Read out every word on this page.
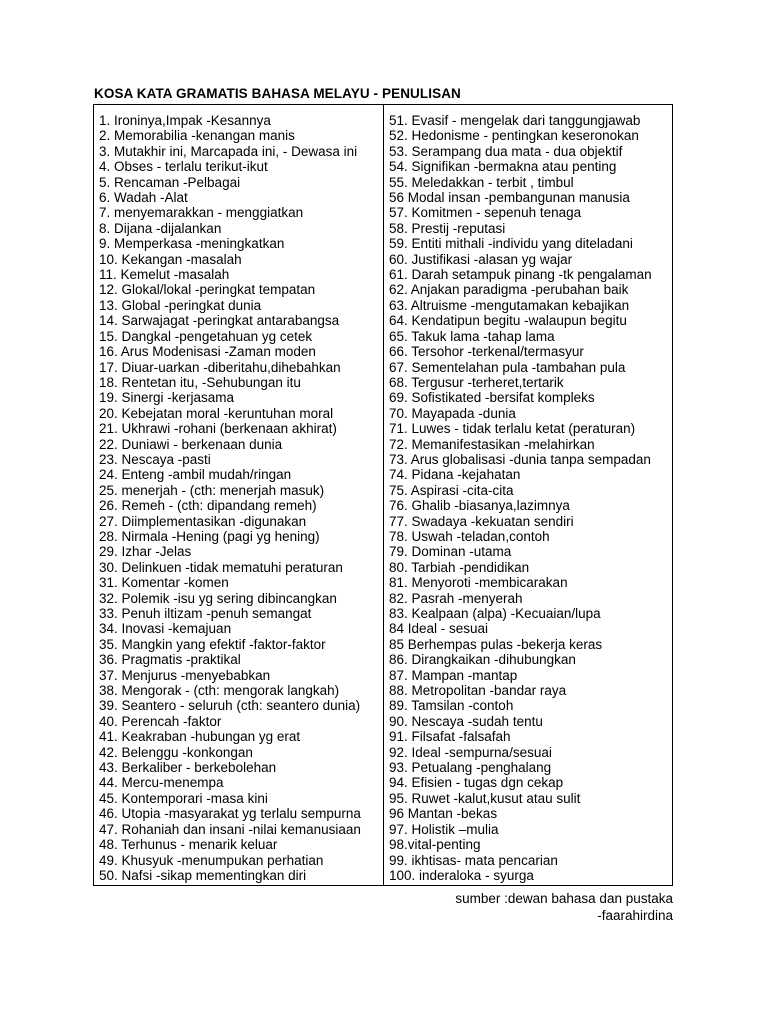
KOSA KATA GRAMATIS BAHASA MELAYU - PENULISAN
1. Ironinya,Impak -Kesannya
2. Memorabilia -kenangan manis
3. Mutakhir ini, Marcapada ini, - Dewasa ini
4. Obses - terlalu terikut-ikut
5. Rencaman -Pelbagai
6. Wadah -Alat
7. menyemarakkan - menggiatkan
8. Dijana -dijalankan
9. Memperkasa -meningkatkan
10. Kekangan -masalah
11. Kemelut -masalah
12. Glokal/lokal -peringkat tempatan
13. Global -peringkat dunia
14. Sarwajagat -peringkat antarabangsa
15. Dangkal -pengetahuan yg cetek
16. Arus Modenisasi -Zaman moden
17. Diuar-uarkan -diberitahu,dihebahkan
18. Rentetan itu, -Sehubungan itu
19. Sinergi -kerjasama
20. Kebejatan moral -keruntuhan moral
21. Ukhrawi -rohani (berkenaan akhirat)
22. Duniawi - berkenaan dunia
23. Nescaya -pasti
24. Enteng -ambil mudah/ringan
25. menerjah - (cth: menerjah masuk)
26. Remeh - (cth: dipandang remeh)
27. Diimplementasikan -digunakan
28. Nirmala -Hening (pagi yg hening)
29. Izhar -Jelas
30. Delinkuen -tidak mematuhi peraturan
31. Komentar -komen
32. Polemik -isu yg sering dibincangkan
33. Penuh iltizam -penuh semangat
34. Inovasi -kemajuan
35. Mangkin yang efektif -faktor-faktor
36. Pragmatis -praktikal
37. Menjurus -menyebabkan
38. Mengorak - (cth: mengorak langkah)
39. Seantero - seluruh (cth: seantero dunia)
40. Perencah -faktor
41. Keakraban -hubungan yg erat
42. Belenggu -konkongan
43. Berkaliber - berkebolehan
44. Mercu-menempa
45. Kontemporari -masa kini
46. Utopia -masyarakat yg terlalu sempurna
47. Rohaniah dan insani -nilai kemanusiaan
48. Terhunus - menarik keluar
49. Khusyuk -menumpukan perhatian
50. Nafsi -sikap mementingkan diri
51. Evasif - mengelak dari tanggungjawab
52. Hedonisme - pentingkan keseronokan
53. Serampang dua mata - dua objektif
54. Signifikan -bermakna atau penting
55. Meledakkan - terbit , timbul
56 Modal insan -pembangunan manusia
57. Komitmen - sepenuh tenaga
58. Prestij -reputasi
59. Entiti mithali -individu yang diteladani
60. Justifikasi -alasan yg wajar
61. Darah setampuk pinang -tk pengalaman
62. Anjakan paradigma -perubahan baik
63. Altruisme -mengutamakan kebajikan
64. Kendatipun begitu -walaupun begitu
65. Takuk lama -tahap lama
66. Tersohor -terkenal/termasyur
67. Sementelahan pula -tambahan pula
68. Tergusur -terheret,tertarik
69. Sofistikated -bersifat kompleks
70. Mayapada -dunia
71. Luwes - tidak terlalu ketat (peraturan)
72. Memanifestasikan -melahirkan
73. Arus globalisasi -dunia tanpa sempadan
74. Pidana -kejahatan
75. Aspirasi -cita-cita
76. Ghalib -biasanya,lazimnya
77. Swadaya -kekuatan sendiri
78. Uswah -teladan,contoh
79. Dominan -utama
80. Tarbiah -pendidikan
81. Menyoroti -membicarakan
82. Pasrah -menyerah
83. Kealpaan (alpa) -Kecuaian/lupa
84 Ideal - sesuai
85 Berhempas pulas -bekerja keras
86. Dirangkaikan -dihubungkan
87. Mampan -mantap
88. Metropolitan -bandar raya
89. Tamsilan -contoh
90. Nescaya -sudah tentu
91. Filsafat -falsafah
92. Ideal -sempurna/sesuai
93. Petualang -penghalang
94. Efisien - tugas dgn cekap
95. Ruwet -kalut,kusut atau sulit
96 Mantan -bekas
97. Holistik –mulia
98.vital-penting
99. ikhtisas- mata pencarian
100. inderaloka - syurga
sumber :dewan bahasa dan pustaka
-faarahirdina
